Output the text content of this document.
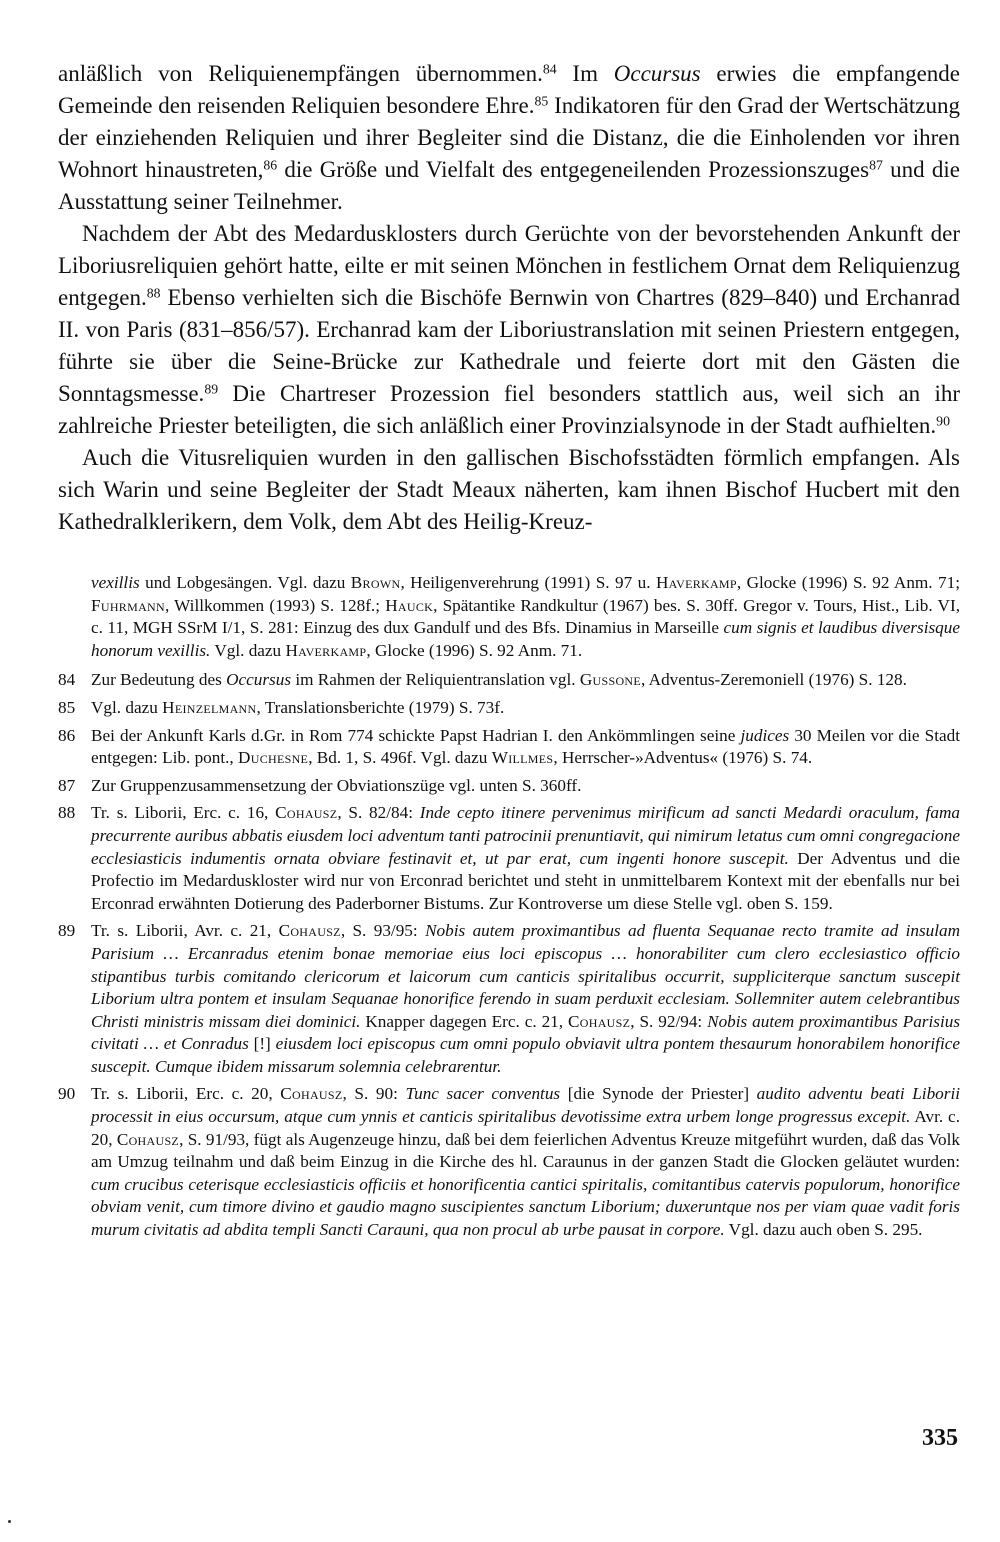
anläßlich von Reliquienempfängen übernommen.$^{84}$ Im Occursus erwies die empfangende Gemeinde den reisenden Reliquien besondere Ehre.$^{85}$ Indikatoren für den Grad der Wertschätzung der einziehenden Reliquien und ihrer Begleiter sind die Distanz, die die Einholenden vor ihren Wohnort hinaustreten,$^{86}$ die Größe und Vielfalt des entgegeneilenden Prozessionszuges$^{87}$ und die Ausstattung seiner Teilnehmer.

Nachdem der Abt des Medardusklosters durch Gerüchte von der bevorstehenden Ankunft der Liboriusreliquien gehört hatte, eilte er mit seinen Mönchen in festlichem Ornat dem Reliquienzug entgegen.$^{88}$ Ebenso verhielten sich die Bischöfe Bernwin von Chartres (829–840) und Erchanrad II. von Paris (831–856/57). Erchanrad kam der Liboriustranslation mit seinen Priestern entgegen, führte sie über die Seine-Brücke zur Kathedrale und feierte dort mit den Gästen die Sonntagsmesse.$^{89}$ Die Chartreser Prozession fiel besonders stattlich aus, weil sich an ihr zahlreiche Priester beteiligten, die sich anläßlich einer Provinzialsynode in der Stadt aufhielten.$^{90}$

Auch die Vitusreliquien wurden in den gallischen Bischofsstädten förmlich empfangen. Als sich Warin und seine Begleiter der Stadt Meaux näherten, kam ihnen Bischof Hucbert mit den Kathedralklerikern, dem Volk, dem Abt des Heilig-Kreuz-

vexillis und Lobgesängen. Vgl. dazu Brown, Heiligenverehrung (1991) S. 97 u. Haverkamp, Glocke (1996) S. 92 Anm. 71; Fuhrmann, Willkommen (1993) S. 128f.; Hauck, Spätantike Randkultur (1967) bes. S. 30ff. Gregor v. Tours, Hist., Lib. VI, c. 11, MGH SSrM I/1, S. 281: Einzug des dux Gandulf und des Bfs. Dinamius in Marseille cum signis et laudibus diversisque honorum vexillis. Vgl. dazu Haverkamp, Glocke (1996) S. 92 Anm. 71.
84 Zur Bedeutung des Occursus im Rahmen der Reliquientranslation vgl. Gussone, Adventus-Zeremoniell (1976) S. 128.
85 Vgl. dazu Heinzelmann, Translationsberichte (1979) S. 73f.
86 Bei der Ankunft Karls d.Gr. in Rom 774 schickte Papst Hadrian I. den Ankömmlingen seine judices 30 Meilen vor die Stadt entgegen: Lib. pont., Duchesne, Bd. 1, S. 496f. Vgl. dazu Willmes, Herrscher-»Adventus« (1976) S. 74.
87 Zur Gruppenzusammensetzung der Obviationszüge vgl. unten S. 360ff.
88 Tr. s. Liborii, Erc. c. 16, Cohausz, S. 82/84: Inde cepto itinere pervenimus mirificum ad sancti Medardi oraculum, fama precurrente auribus abbatis eiusdem loci adventum tanti patrocinii prenuntiavit, qui nimirum letatus cum omni congregacione ecclesiasticis indumentis ornata obviare festinavit et, ut par erat, cum ingenti honore suscepit. Der Adventus und die Profectio im Medarduskloster wird nur von Erconrad berichtet und steht in unmittelbarem Kontext mit der ebenfalls nur bei Erconrad erwähnten Dotierung des Paderborner Bistums. Zur Kontroverse um diese Stelle vgl. oben S. 159.
89 Tr. s. Liborii, Avr. c. 21, Cohausz, S. 93/95: Nobis autem proximantibus ad fluenta Sequanae recto tramite ad insulam Parisium … Ercanradus etenim bonae memoriae eius loci episcopus … honorabiliter cum clero ecclesiastico officio stipantibus turbis comitando clericorum et laicorum cum canticis spiritalibus occurrit, suppliciterque sanctum suscepit Liborium ultra pontem et insulam Sequanae honorifice ferendo in suam perduxit ecclesiam. Sollemniter autem celebrantibus Christi ministris missam diei dominici. Knapper dagegen Erc. c. 21, Cohausz, S. 92/94: Nobis autem proximantibus Parisius civitati … et Conradus [!] eiusdem loci episcopus cum omni populo obviavit ultra pontem thesaurum honorabilem honorifice suscepit. Cumque ibidem missarum solemnia celebrarentur.
90 Tr. s. Liborii, Erc. c. 20, Cohausz, S. 90: Tunc sacer conventus [die Synode der Priester] audito adventu beati Liborii processit in eius occursum, atque cum ynnis et canticis spiritalibus devotissime extra urbem longe progressus excepit. Avr. c. 20, Cohausz, S. 91/93, fügt als Augenzeuge hinzu, daß bei dem feierlichen Adventus Kreuze mitgeführt wurden, daß das Volk am Umzug teilnahm und daß beim Einzug in die Kirche des hl. Caraunus in der ganzen Stadt die Glocken geläutet wurden: cum crucibus ceterisque ecclesiasticis officiis et honorificentia cantici spiritalis, comitantibus catervis populorum, honorifice obviam venit, cum timore divino et gaudio magno suscipientes sanctum Liborium; duxeruntque nos per viam quae vadit foris murum civitatis ad abdita templi Sancti Carauni, qua non procul ab urbe pausat in corpore. Vgl. dazu auch oben S. 295.
335
